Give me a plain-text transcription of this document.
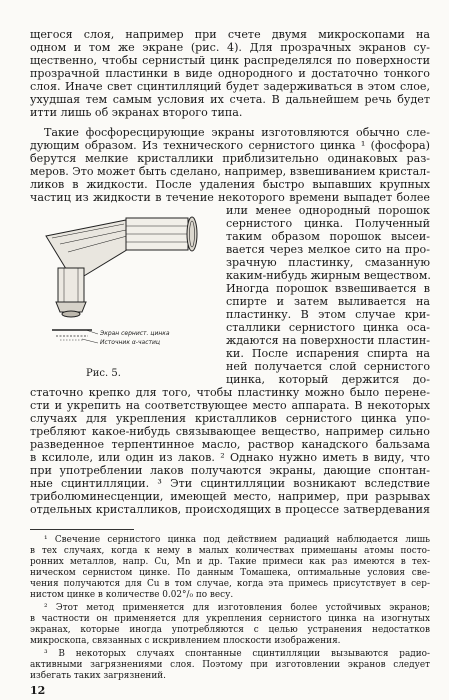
щегося слоя, например при счете двумя микроскопами на
одном и том же экране (рис. 4). Для прозрачных экранов су-
щественно, чтобы сернистый цинк распределялся по поверхности
прозрачной пластинки в виде однородного и достаточно тонкого
слоя. Иначе свет сцинтилляций будет задерживаться в этом слое,
ухудшая тем самым условия их счета. В дальнейшем речь будет
итти лишь об экранах второго типа.
Такие фосфоресцирующие экраны изготовляются обычно сле-
дующим образом. Из технического сернистого цинка ¹ (фосфора)
берутся мелкие кристаллики приблизительно одинаковых раз-
меров. Это может быть сделано, например, взвешиванием кристал-
ликов в жидкости. После удаления быстро выпавших крупных
частиц из жидкости в течение некоторого времени выпадет более
или менее однородный порошок
сернистого цинка. Полученный
таким образом порошок высеи-
вается через мелкое сито на про-
зрачную пластинку, смазанную
каким-нибудь жирным веществом.
Иногда порошок взвешивается в
спирте и затем выливается на
пластинку. В этом случае кри-
сталлики сернистого цинка оса-
ждаются на поверхности пластин-
ки. После испарения спирта на
ней получается слой сернистого
цинка, который держится до-
статочно крепко для того, чтобы пластинку можно было перене-
сти и укрепить на соответствующее место аппарата. В некоторых
случаях для укрепления кристалликов сернистого цинка упо-
требляют какое-нибудь связывающее вещество, например сильно
разведенное терпентинное масло, раствор канадского бальзама
в ксилоле, или один из лаков. ² Однако нужно иметь в виду, что
при употреблении лаков получаются экраны, дающие спонтан-
ные сцинтилляции. ³ Эти сцинтилляции возникают вследствие
триболюминесценции, имеющей место, например, при разрывах
отдельных кристалликов, происходящих в процессе затвердевания
Экран сернист. цинка
Источник α-частиц
Рис. 5.
¹ Свечение сернистого цинка под действием радиаций наблюдается лишь
в тех случаях, когда к нему в малых количествах примешаны атомы посто-
ронних металлов, напр. Cu, Mn и др. Такие примеси как раз имеются в тех-
ническом сернистом цинке. По данным Томашека, оптимальные условия све-
чения получаются для Cu в том случае, когда эта примесь присутствует в сер-
нистом цинке в количестве 0.02°/₀ по весу.
² Этот метод применяется для изготовления более устойчивых экранов;
в частности он применяется для укрепления сернистого цинка на изогнутых
экранах, которые иногда употребляются с целью устранения недостатков
микроскопа, связанных с искривлением плоскости изображения.
³ В некоторых случаях спонтанные сцинтилляции вызываются радио-
активными загрязнениями слоя. Поэтому при изготовлении экранов следует
избегать таких загрязнений.
12
